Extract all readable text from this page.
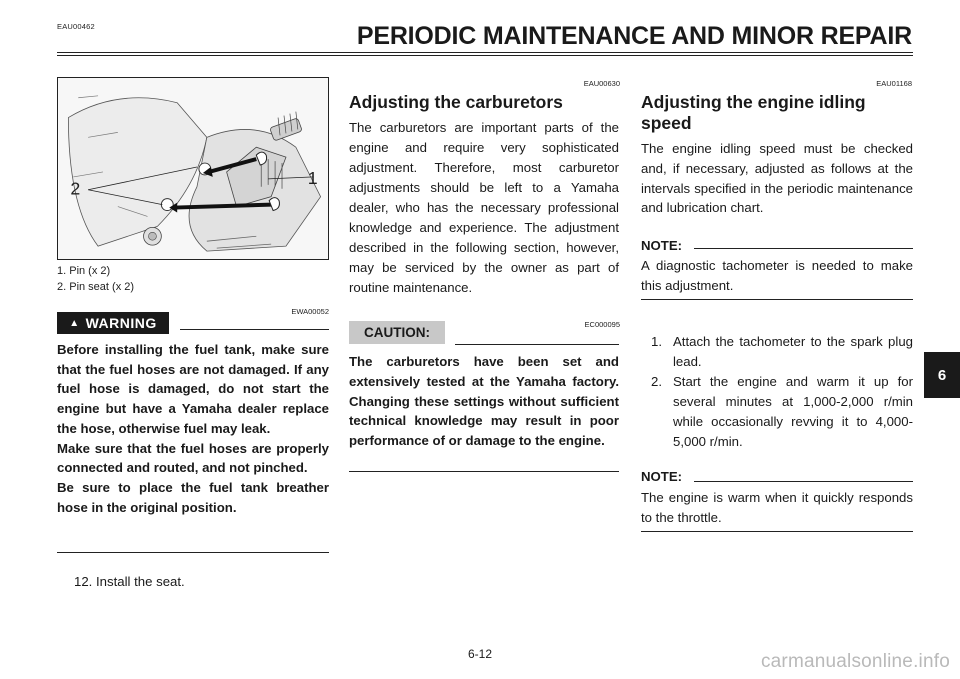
EAU00462	PERIODIC MAINTENANCE AND MINOR REPAIR
2
1
1. Pin (x 2)
2. Pin seat (x 2)
EWA00052
▲ WARNING

Before installing the fuel tank, make sure that the fuel hoses are not damaged. If any fuel hose is damaged, do not start the engine but have a Yamaha dealer replace the hose, otherwise fuel may leak.

Make sure that the fuel hoses are properly connected and routed, and not pinched.

Be sure to place the fuel tank breather hose in the original position.

12. Install the seat.
EAU00630
Adjusting the carburetors
The carburetors are important parts of the engine and require very sophisticated adjustment. Therefore, most carburetor adjustments should be left to a Yamaha dealer, who has the necessary professional knowledge and experience. The adjustment described in the following section, however, may be serviced by the owner as part of routine maintenance.
EC000095
CAUTION:
The carburetors have been set and extensively tested at the Yamaha factory. Changing these settings without sufficient technical knowledge may result in poor performance of or damage to the engine.
EAU01168
Adjusting the engine idling speed
The engine idling speed must be checked and, if necessary, adjusted as follows at the intervals specified in the periodic maintenance and lubrication chart.
NOTE:
A diagnostic tachometer is needed to make this adjustment.
1. Attach the tachometer to the spark plug lead.
2. Start the engine and warm it up for several minutes at 1,000-2,000 r/min while occasionally revving it to 4,000-5,000 r/min.
NOTE:
The engine is warm when it quickly responds to the throttle.
6
6-12	carmanualsonline.info
